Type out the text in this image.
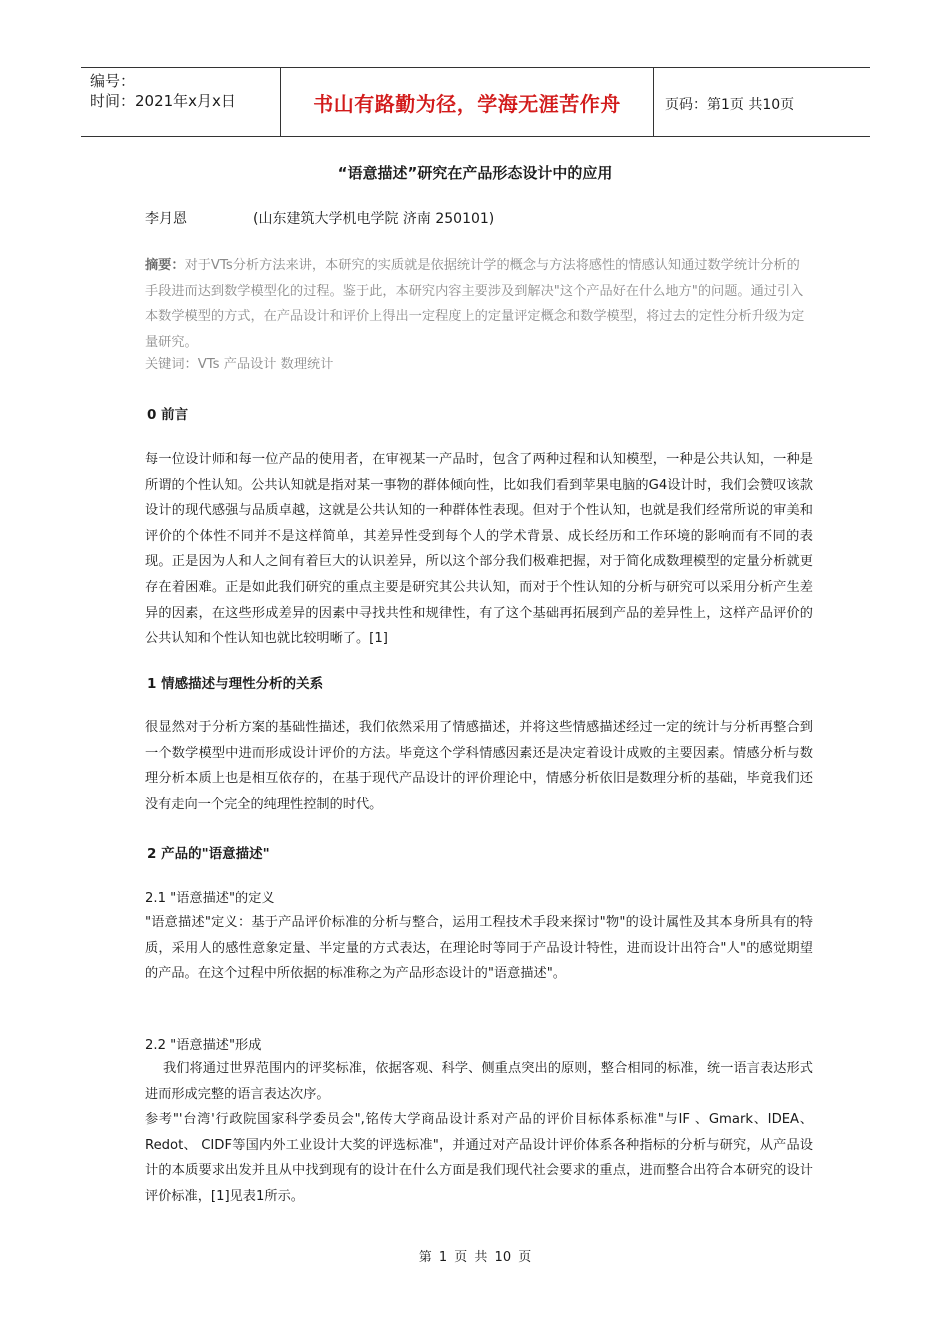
编号：
时间：2021年x月x日	书山有路勤为径，学海无涯苦作舟	页码：第1页 共10页
“语意描述”研究在产品形态设计中的应用
李月恩	(山东建筑大学机电学院 济南 250101)
摘要：对于VTs分析方法来讲，本研究的实质就是依据统计学的概念与方法将感性的情感认知通过数学统计分析的手段进而达到数学模型化的过程。鉴于此，本研究内容主要涉及到解决"这个产品好在什么地方"的问题。通过引入本数学模型的方式，在产品设计和评价上得出一定程度上的定量评定概念和数学模型，将过去的定性分析升级为定量研究。
关键词：VTs 产品设计 数理统计
0 前言
每一位设计师和每一位产品的使用者，在审视某一产品时，包含了两种过程和认知模型，一种是公共认知，一种是所谓的个性认知。公共认知就是指对某一事物的群体倾向性，比如我们看到苹果电脑的G4设计时，我们会赞叹该款设计的现代感强与品质卓越，这就是公共认知的一种群体性表现。但对于个性认知，也就是我们经常所说的审美和评价的个体性不同并不是这样简单，其差异性受到每个人的学术背景、成长经历和工作环境的影响而有不同的表现。正是因为人和人之间有着巨大的认识差异，所以这个部分我们极难把握，对于简化成数理模型的定量分析就更存在着困难。正是如此我们研究的重点主要是研究其公共认知，而对于个性认知的分析与研究可以采用分析产生差异的因素，在这些形成差异的因素中寻找共性和规律性，有了这个基础再拓展到产品的差异性上，这样产品评价的公共认知和个性认知也就比较明晰了。[1]
1 情感描述与理性分析的关系
很显然对于分析方案的基础性描述，我们依然采用了情感描述，并将这些情感描述经过一定的统计与分析再整合到一个数学模型中进而形成设计评价的方法。毕竟这个学科情感因素还是决定着设计成败的主要因素。情感分析与数理分析本质上也是相互依存的，在基于现代产品设计的评价理论中，情感分析依旧是数理分析的基础，毕竟我们还没有走向一个完全的纯理性控制的时代。
2 产品的"语意描述"
2.1 "语意描述"的定义
"语意描述"定义：基于产品评价标准的分析与整合，运用工程技术手段来探讨"物"的设计属性及其本身所具有的特质，采用人的感性意象定量、半定量的方式表达，在理论时等同于产品设计特性，进而设计出符合"人"的感觉期望的产品。在这个过程中所依据的标准称之为产品形态设计的"语意描述"。
2.2 "语意描述"形成
我们将通过世界范围内的评奖标准，依据客观、科学、侧重点突出的原则，整合相同的标准，统一语言表达形式进而形成完整的语言表达次序。
参考"'台湾'行政院国家科学委员会",铭传大学商品设计系对产品的评价目标体系标准"与IF 、Gmark、IDEA、 Redot、 CIDF等国内外工业设计大奖的评选标准"，并通过对产品设计评价体系各种指标的分析与研究，从产品设计的本质要求出发并且从中找到现有的设计在什么方面是我们现代社会要求的重点，进而整合出符合本研究的设计评价标准，[1]见表1所示。
第 1 页 共 10 页
